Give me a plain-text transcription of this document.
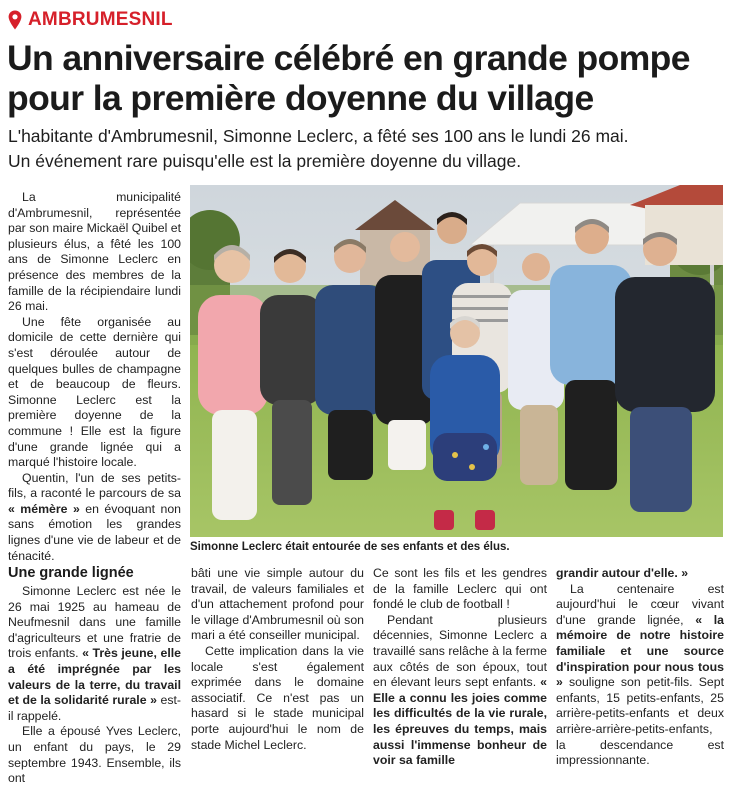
AMBRUMESNIL
Un anniversaire célébré en grande pompe
pour la première doyenne du village

L'habitante d'Ambrumesnil, Simonne Leclerc, a fêté ses 100 ans le lundi 26 mai.
Un événement rare puisqu'elle est la première doyenne du village.

La municipalité d'Ambrumesnil, représentée par son maire Mickaël Quibel et plusieurs élus, a fêté les 100 ans de Simonne Leclerc en présence des membres de la famille de la récipiendaire lundi 26 mai.

Une fête organisée au domicile de cette dernière qui s'est déroulée autour de quelques bulles de champagne et de beaucoup de fleurs. Simonne Leclerc est la première doyenne de la commune ! Elle est la figure d'une grande lignée qui a marqué l'histoire locale.

Quentin, l'un de ses petits-fils, a raconté le parcours de sa « mémère » en évoquant non sans émotion les grandes lignes d'une vie de labeur et de ténacité.

Simonne Leclerc était entourée de ses enfants et des élus.

Une grande lignée

Simonne Leclerc est née le 26 mai 1925 au hameau de Neufmesnil dans une famille d'agriculteurs et une fratrie de trois enfants. « Très jeune, elle a été imprégnée par les valeurs de la terre, du travail et de la solidarité rurale » est-il rappelé.

Elle a épousé Yves Leclerc, un enfant du pays, le 29 septembre 1943. Ensemble, ils ont

bâti une vie simple autour du travail, de valeurs familiales et d'un attachement profond pour le village d'Ambrumesnil où son mari a été conseiller municipal.

Cette implication dans la vie locale s'est également exprimée dans le domaine associatif. Ce n'est pas un hasard si le stade municipal porte aujourd'hui le nom de stade Michel Leclerc.

Ce sont les fils et les gendres de la famille Leclerc qui ont fondé le club de football !

Pendant plusieurs décennies, Simonne Leclerc a travaillé sans relâche à la ferme aux côtés de son époux, tout en élevant leurs sept enfants. « Elle a connu les joies comme les difficultés de la vie rurale, les épreuves du temps, mais aussi l'immense bonheur de voir sa famille

grandir autour d'elle. »

La centenaire est aujourd'hui le cœur vivant d'une grande lignée, « la mémoire de notre histoire familiale et une source d'inspiration pour nous tous » souligne son petit-fils. Sept enfants, 15 petits-enfants, 25 arrière-petits-enfants et deux arrière-arrière-petits-enfants, la descendance est impressionnante.
